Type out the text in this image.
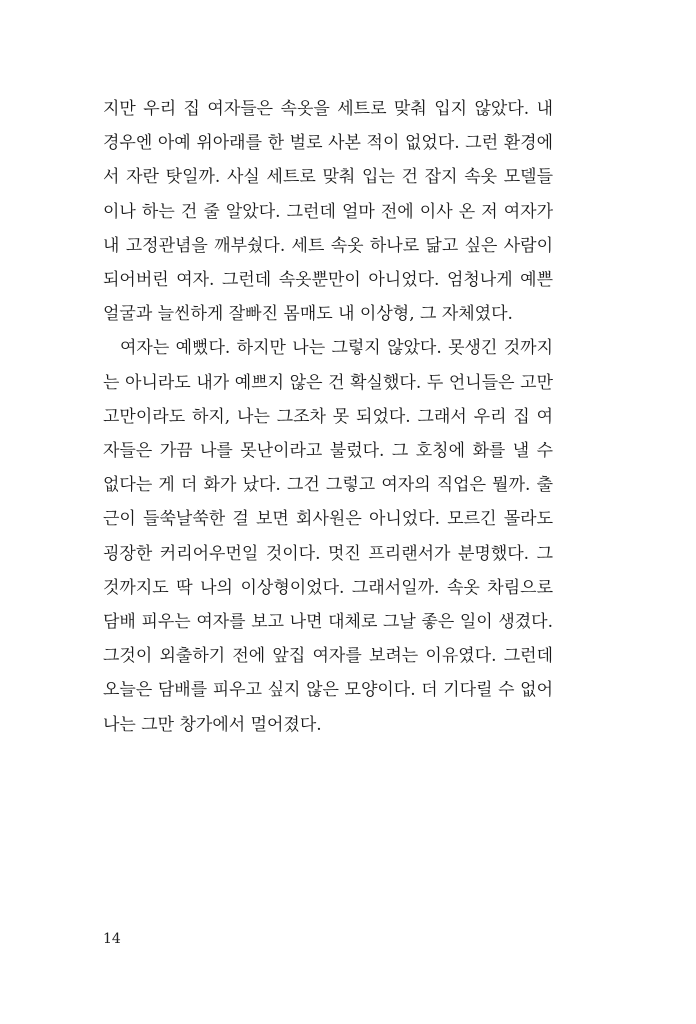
지만 우리 집 여자들은 속옷을 세트로 맞춰 입지 않았다. 내
경우엔 아예 위아래를 한 벌로 사본 적이 없었다. 그런 환경에
서 자란 탓일까. 사실 세트로 맞춰 입는 건 잡지 속옷 모델들
이나 하는 건 줄 알았다. 그런데 얼마 전에 이사 온 저 여자가
내 고정관념을 깨부쉈다. 세트 속옷 하나로 닮고 싶은 사람이
되어버린 여자. 그런데 속옷뿐만이 아니었다. 엄청나게 예쁜
얼굴과 늘씬하게 잘빠진 몸매도 내 이상형, 그 자체였다.
여자는 예뻤다. 하지만 나는 그렇지 않았다. 못생긴 것까지
는 아니라도 내가 예쁘지 않은 건 확실했다. 두 언니들은 고만
고만이라도 하지, 나는 그조차 못 되었다. 그래서 우리 집 여
자들은 가끔 나를 못난이라고 불렀다. 그 호칭에 화를 낼 수
없다는 게 더 화가 났다. 그건 그렇고 여자의 직업은 뭘까. 출
근이 들쑥날쑥한 걸 보면 회사원은 아니었다. 모르긴 몰라도
굉장한 커리어우먼일 것이다. 멋진 프리랜서가 분명했다. 그
것까지도 딱 나의 이상형이었다. 그래서일까. 속옷 차림으로
담배 피우는 여자를 보고 나면 대체로 그날 좋은 일이 생겼다.
그것이 외출하기 전에 앞집 여자를 보려는 이유였다. 그런데
오늘은 담배를 피우고 싶지 않은 모양이다. 더 기다릴 수 없어
나는 그만 창가에서 멀어졌다.
14
